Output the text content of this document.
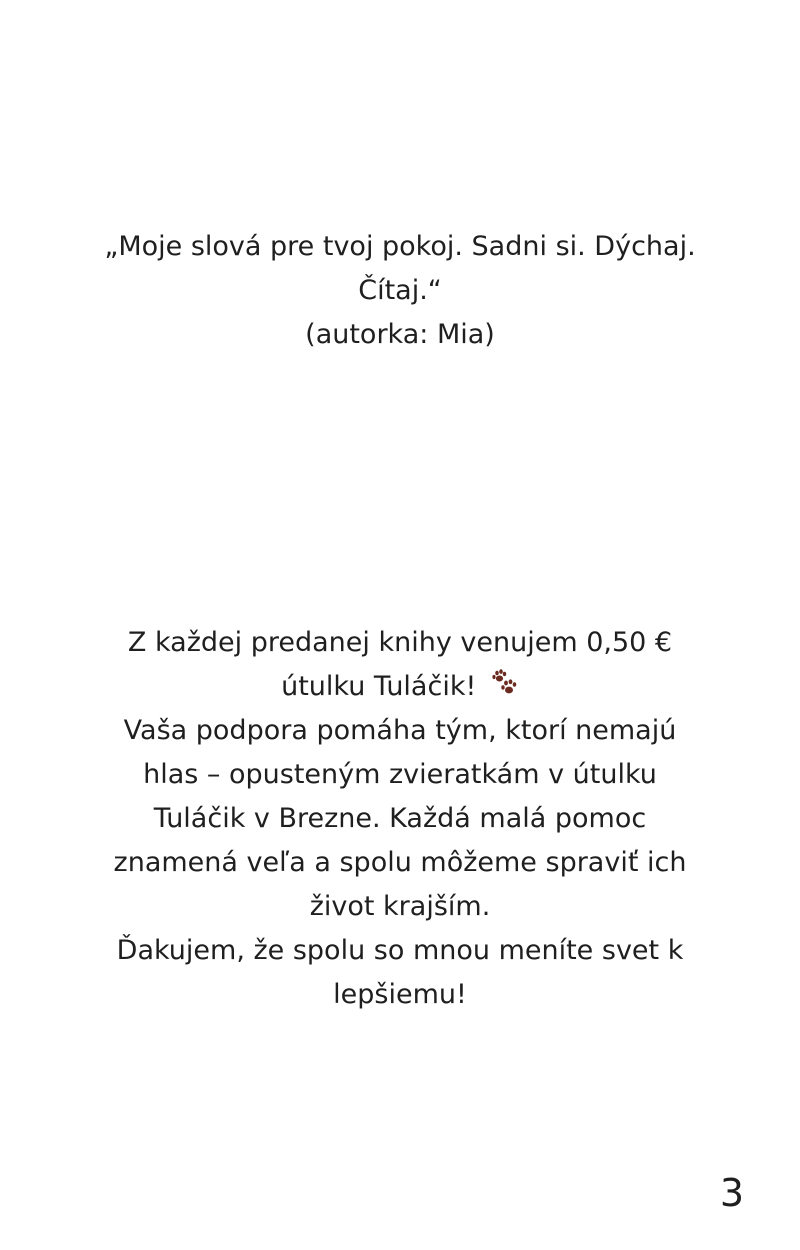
„Moje slová pre tvoj pokoj. Sadni si. Dýchaj.
Čítaj.“
(autorka: Mia)
Z každej predanej knihy venujem 0,50 €
útulku Tuláčik!
Vaša podpora pomáha tým, ktorí nemajú
hlas – opusteným zvieratkám v útulku
Tuláčik v Brezne. Každá malá pomoc
znamená veľa a spolu môžeme spraviť ich
život krajším.
Ďakujem, že spolu so mnou meníte svet k
lepšiemu!
3
